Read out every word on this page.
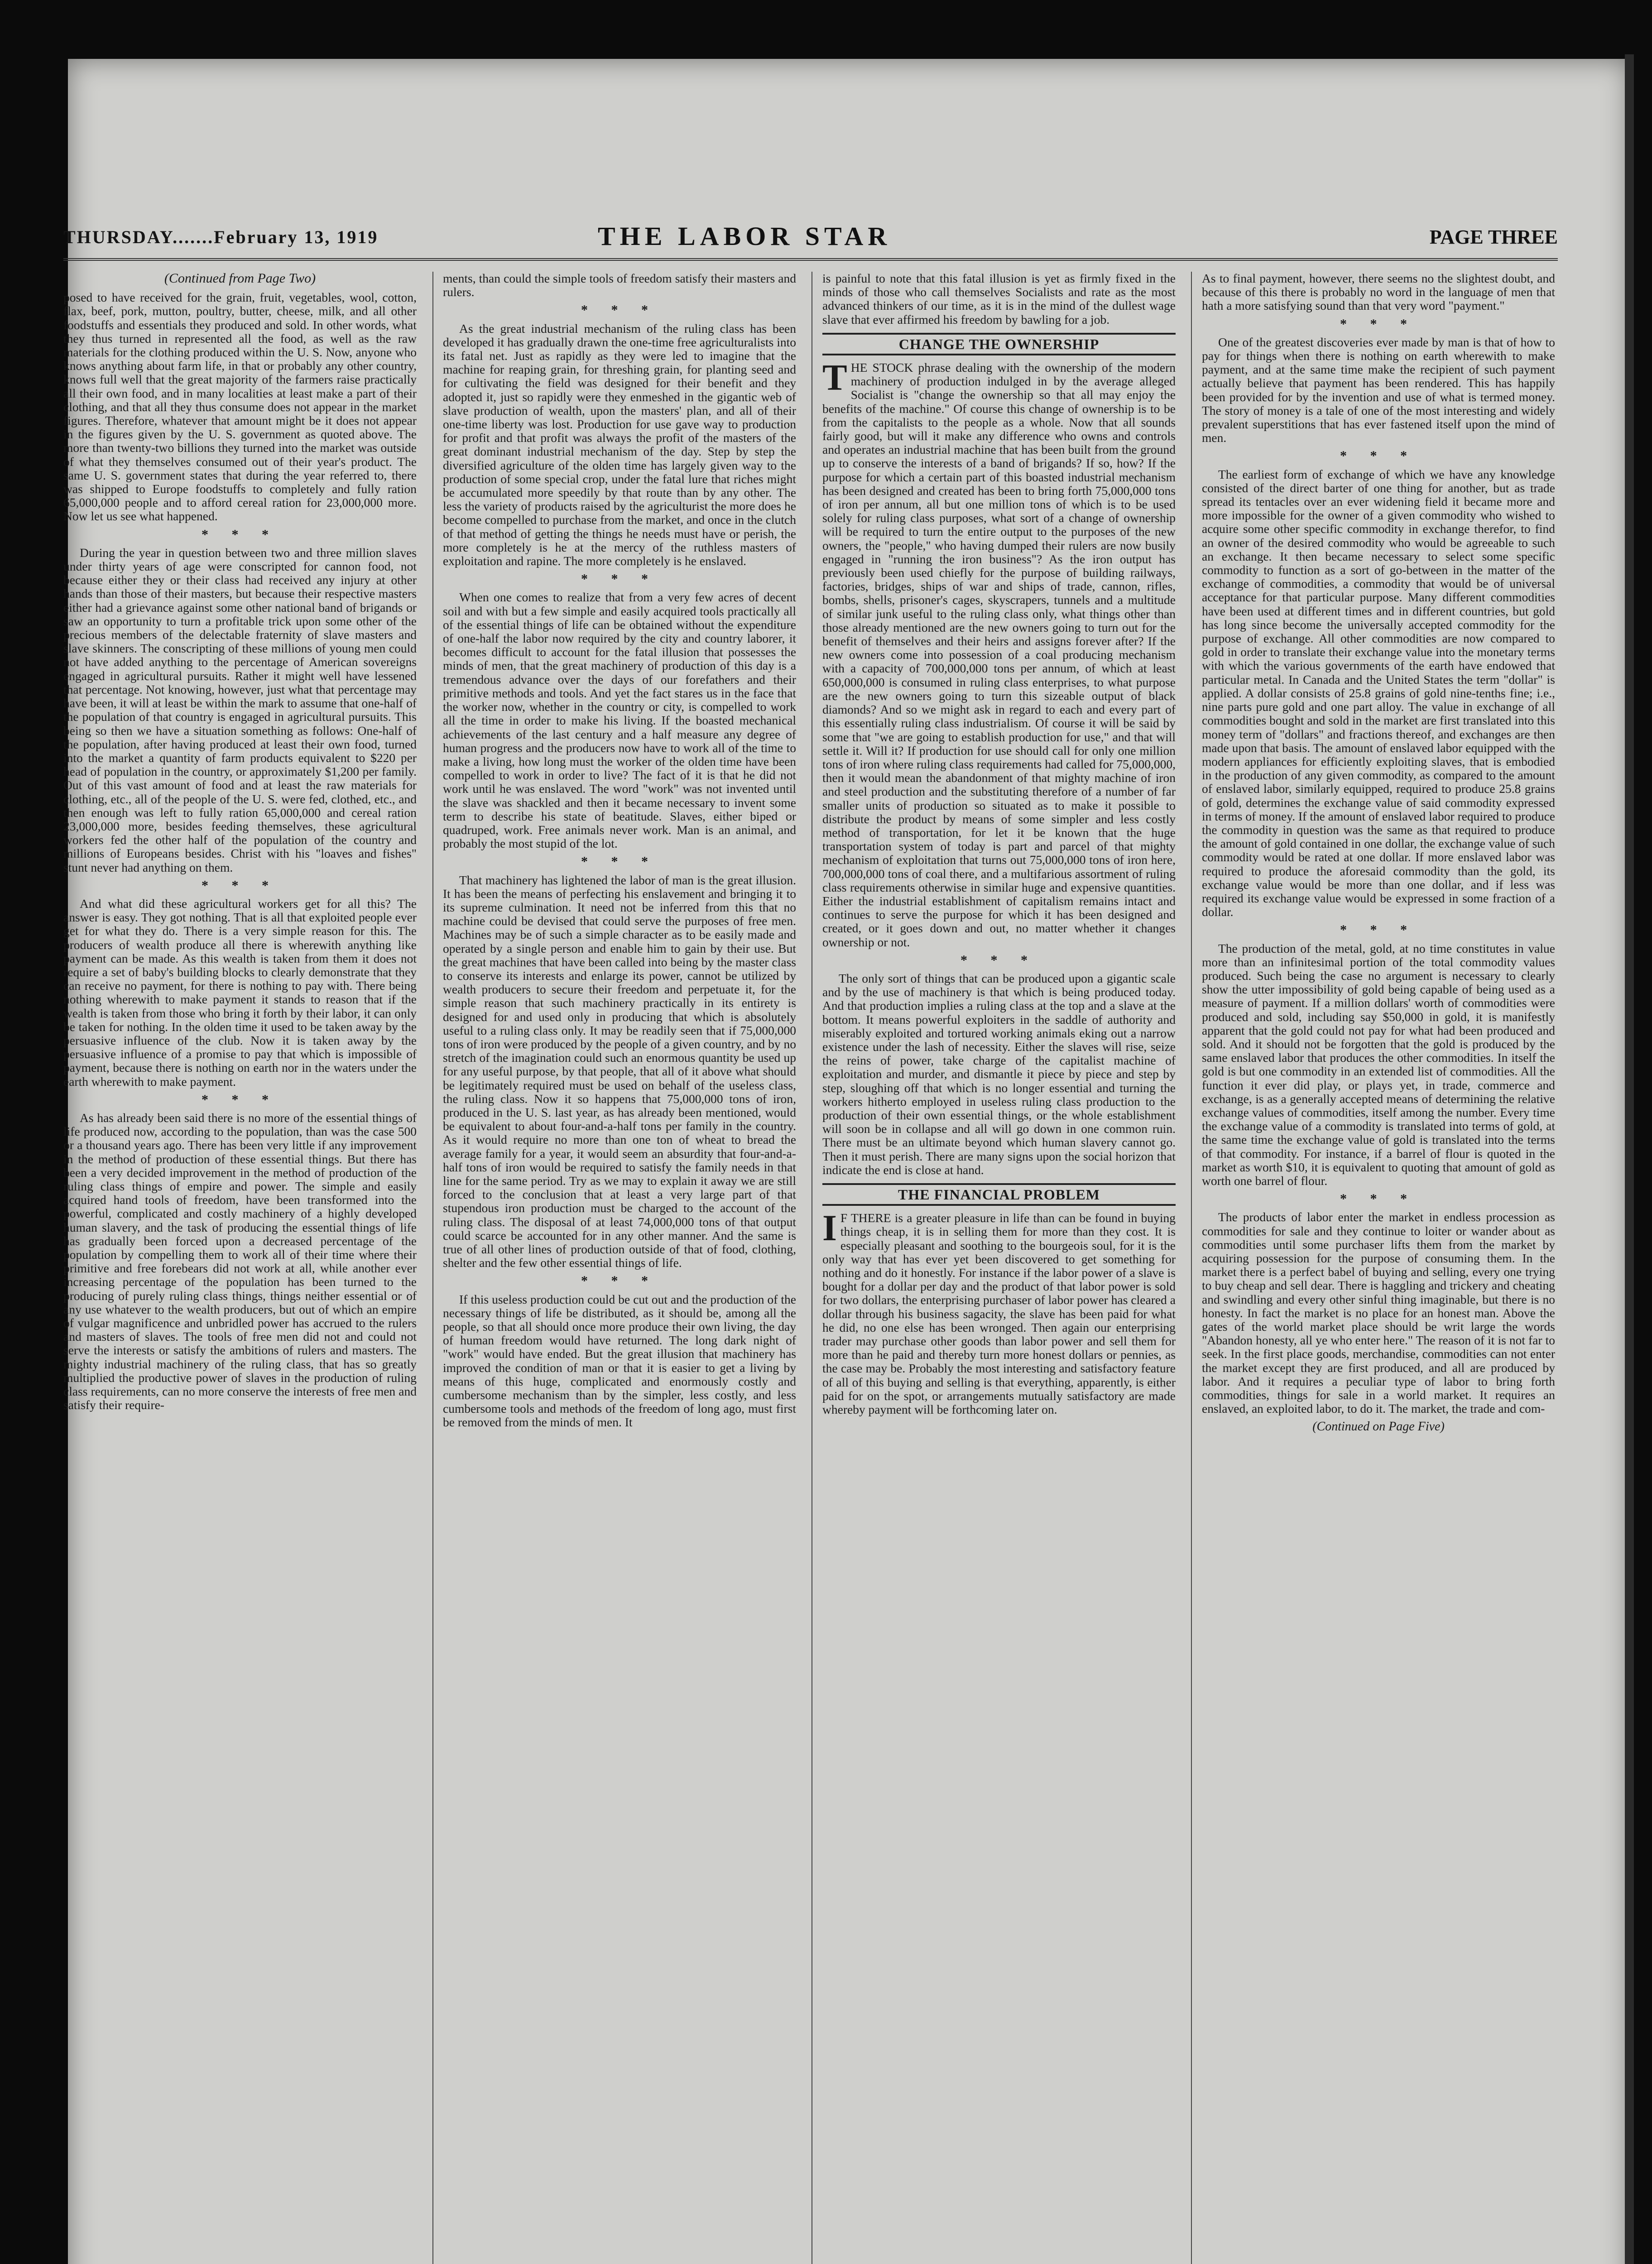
THURSDAY.......February 13, 1919	THE LABOR STAR	PAGE THREE
(Continued from Page Two)

posed to have received for the grain, fruit, vegetables, wool, cotton, flax, beef, pork, mutton, poultry, butter, cheese, milk, and all other foodstuffs and essentials they produced and sold. In other words, what they thus turned in represented all the food, as well as the raw materials for the clothing produced within the U. S. Now, anyone who knows anything about farm life, in that or probably any other country, knows full well that the great majority of the farmers raise practically all their own food, and in many localities at least make a part of their clothing, and that all they thus consume does not appear in the market figures. Therefore, whatever that amount might be it does not appear in the figures given by the U. S. government as quoted above. The more than twenty-two billions they turned into the market was outside of what they themselves consumed out of their year's product. The same U. S. government states that during the year referred to, there was shipped to Europe foodstuffs to completely and fully ration 65,000,000 people and to afford cereal ration for 23,000,000 more. Now let us see what happened.

* * *

During the year in question between two and three million slaves under thirty years of age were conscripted for cannon food, not because either they or their class had received any injury at other hands than those of their masters, but because their respective masters either had a grievance against some other national band of brigands or saw an opportunity to turn a profitable trick upon some other of the precious members of the delectable fraternity of slave masters and slave skinners. The conscripting of these millions of young men could not have added anything to the percentage of American sovereigns engaged in agricultural pursuits. Rather it might well have lessened that percentage. Not knowing, however, just what that percentage may have been, it will at least be within the mark to assume that one-half of the population of that country is engaged in agricultural pursuits. This being so then we have a situation something as follows: One-half of the population, after having produced at least their own food, turned into the market a quantity of farm products equivalent to $220 per head of population in the country, or approximately $1,200 per family. Out of this vast amount of food and at least the raw materials for clothing, etc., all of the people of the U. S. were fed, clothed, etc., and then enough was left to fully ration 65,000,000 and cereal ration 23,000,000 more, besides feeding themselves, these agricultural workers fed the other half of the population of the country and millions of Europeans besides. Christ with his "loaves and fishes" stunt never had anything on them.

* * *

And what did these agricultural workers get for all this? The answer is easy. They got nothing. That is all that exploited people ever get for what they do. There is a very simple reason for this. The producers of wealth produce all there is wherewith anything like payment can be made. As this wealth is taken from them it does not require a set of baby's building blocks to clearly demonstrate that they can receive no payment, for there is nothing to pay with. There being nothing wherewith to make payment it stands to reason that if the wealth is taken from those who bring it forth by their labor, it can only be taken for nothing. In the olden time it used to be taken away by the persuasive influence of the club. Now it is taken away by the persuasive influence of a promise to pay that which is impossible of payment, because there is nothing on earth nor in the waters under the earth wherewith to make payment.

* * *

As has already been said there is no more of the essential things of life produced now, according to the population, than was the case 500 or a thousand years ago. There has been very little if any improvement in the method of production of these essential things. But there has been a very decided improvement in the method of production of the ruling class things of empire and power. The simple and easily acquired hand tools of freedom, have been transformed into the powerful, complicated and costly machinery of a highly developed human slavery, and the task of producing the essential things of life has gradually been forced upon a decreased percentage of the population by compelling them to work all of their time where their primitive and free forebears did not work at all, while another ever increasing percentage of the population has been turned to the producing of purely ruling class things, things neither essential or of any use whatever to the wealth producers, but out of which an empire of vulgar magnificence and unbridled power has accrued to the rulers and masters of slaves. The tools of free men did not and could not serve the interests or satisfy the ambitions of rulers and masters. The mighty industrial machinery of the ruling class, that has so greatly multiplied the productive power of slaves in the production of ruling class requirements, can no more conserve the interests of free men and satisfy their require-

ments, than could the simple tools of freedom satisfy their masters and rulers.

* * *

As the great industrial mechanism of the ruling class has been developed it has gradually drawn the one-time free agriculturalists into its fatal net. Just as rapidly as they were led to imagine that the machine for reaping grain, for threshing grain, for planting seed and for cultivating the field was designed for their benefit and they adopted it, just so rapidly were they enmeshed in the gigantic web of slave production of wealth, upon the masters' plan, and all of their one-time liberty was lost. Production for use gave way to production for profit and that profit was always the profit of the masters of the great dominant industrial mechanism of the day. Step by step the diversified agriculture of the olden time has largely given way to the production of some special crop, under the fatal lure that riches might be accumulated more speedily by that route than by any other. The less the variety of products raised by the agriculturist the more does he become compelled to purchase from the market, and once in the clutch of that method of getting the things he needs must have or perish, the more completely is he at the mercy of the ruthless masters of exploitation and rapine. The more completely is he enslaved.

* * *

When one comes to realize that from a very few acres of decent soil and with but a few simple and easily acquired tools practically all of the essential things of life can be obtained without the expenditure of one-half the labor now required by the city and country laborer, it becomes difficult to account for the fatal illusion that possesses the minds of men, that the great machinery of production of this day is a tremendous advance over the days of our forefathers and their primitive methods and tools. And yet the fact stares us in the face that the worker now, whether in the country or city, is compelled to work all the time in order to make his living. If the boasted mechanical achievements of the last century and a half measure any degree of human progress and the producers now have to work all of the time to make a living, how long must the worker of the olden time have been compelled to work in order to live? The fact of it is that he did not work until he was enslaved. The word "work" was not invented until the slave was shackled and then it became necessary to invent some term to describe his state of beatitude. Slaves, either biped or quadruped, work. Free animals never work. Man is an animal, and probably the most stupid of the lot.

* * *

That machinery has lightened the labor of man is the great illusion. It has been the means of perfecting his enslavement and bringing it to its supreme culmination. It need not be inferred from this that no machine could be devised that could serve the purposes of free men. Machines may be of such a simple character as to be easily made and operated by a single person and enable him to gain by their use. But the great machines that have been called into being by the master class to conserve its interests and enlarge its power, cannot be utilized by wealth producers to secure their freedom and perpetuate it, for the simple reason that such machinery practically in its entirety is designed for and used only in producing that which is absolutely useful to a ruling class only. It may be readily seen that if 75,000,000 tons of iron were produced by the people of a given country, and by no stretch of the imagination could such an enormous quantity be used up for any useful purpose, by that people, that all of it above what should be legitimately required must be used on behalf of the useless class, the ruling class. Now it so happens that 75,000,000 tons of iron, produced in the U. S. last year, as has already been mentioned, would be equivalent to about four-and-a-half tons per family in the country. As it would require no more than one ton of wheat to bread the average family for a year, it would seem an absurdity that four-and-a-half tons of iron would be required to satisfy the family needs in that line for the same period. Try as we may to explain it away we are still forced to the conclusion that at least a very large part of that stupendous iron production must be charged to the account of the ruling class. The disposal of at least 74,000,000 tons of that output could scarce be accounted for in any other manner. And the same is true of all other lines of production outside of that of food, clothing, shelter and the few other essential things of life.

* * *

If this useless production could be cut out and the production of the necessary things of life be distributed, as it should be, among all the people, so that all should once more produce their own living, the day of human freedom would have returned. The long dark night of "work" would have ended. But the great illusion that machinery has improved the condition of man or that it is easier to get a living by means of this huge, complicated and enormously costly and cumbersome mechanism than by the simpler, less costly, and less cumbersome tools and methods of the freedom of long ago, must first be removed from the minds of men. It

is painful to note that this fatal illusion is yet as firmly fixed in the minds of those who call themselves Socialists and rate as the most advanced thinkers of our time, as it is in the mind of the dullest wage slave that ever affirmed his freedom by bawling for a job.

CHANGE THE OWNERSHIP

THE STOCK phrase dealing with the ownership of the modern machinery of production indulged in by the average alleged Socialist is "change the ownership so that all may enjoy the benefits of the machine." Of course this change of ownership is to be from the capitalists to the people as a whole. Now that all sounds fairly good, but will it make any difference who owns and controls and operates an industrial machine that has been built from the ground up to conserve the interests of a band of brigands? If so, how? If the purpose for which a certain part of this boasted industrial mechanism has been designed and created has been to bring forth 75,000,000 tons of iron per annum, all but one million tons of which is to be used solely for ruling class purposes, what sort of a change of ownership will be required to turn the entire output to the purposes of the new owners, the "people," who having dumped their rulers are now busily engaged in "running the iron business"? As the iron output has previously been used chiefly for the purpose of building railways, factories, bridges, ships of war and ships of trade, cannon, rifles, bombs, shells, prisoner's cages, skyscrapers, tunnels and a multitude of similar junk useful to the ruling class only, what things other than those already mentioned are the new owners going to turn out for the benefit of themselves and their heirs and assigns forever after? If the new owners come into possession of a coal producing mechanism with a capacity of 700,000,000 tons per annum, of which at least 650,000,000 is consumed in ruling class enterprises, to what purpose are the new owners going to turn this sizeable output of black diamonds? And so we might ask in regard to each and every part of this essentially ruling class industrialism. Of course it will be said by some that "we are going to establish production for use," and that will settle it. Will it? If production for use should call for only one million tons of iron where ruling class requirements had called for 75,000,000, then it would mean the abandonment of that mighty machine of iron and steel production and the substituting therefore of a number of far smaller units of production so situated as to make it possible to distribute the product by means of some simpler and less costly method of transportation, for let it be known that the huge transportation system of today is part and parcel of that mighty mechanism of exploitation that turns out 75,000,000 tons of iron here, 700,000,000 tons of coal there, and a multifarious assortment of ruling class requirements otherwise in similar huge and expensive quantities. Either the industrial establishment of capitalism remains intact and continues to serve the purpose for which it has been designed and created, or it goes down and out, no matter whether it changes ownership or not.

* * *

The only sort of things that can be produced upon a gigantic scale and by the use of machinery is that which is being produced today. And that production implies a ruling class at the top and a slave at the bottom. It means powerful exploiters in the saddle of authority and miserably exploited and tortured working animals eking out a narrow existence under the lash of necessity. Either the slaves will rise, seize the reins of power, take charge of the capitalist machine of exploitation and murder, and dismantle it piece by piece and step by step, sloughing off that which is no longer essential and turning the workers hitherto employed in useless ruling class production to the production of their own essential things, or the whole establishment will soon be in collapse and all will go down in one common ruin. There must be an ultimate beyond which human slavery cannot go. Then it must perish. There are many signs upon the social horizon that indicate the end is close at hand.

THE FINANCIAL PROBLEM

IF THERE is a greater pleasure in life than can be found in buying things cheap, it is in selling them for more than they cost. It is especially pleasant and soothing to the bourgeois soul, for it is the only way that has ever yet been discovered to get something for nothing and do it honestly. For instance if the labor power of a slave is bought for a dollar per day and the product of that labor power is sold for two dollars, the enterprising purchaser of labor power has cleared a dollar through his business sagacity, the slave has been paid for what he did, no one else has been wronged. Then again our enterprising trader may purchase other goods than labor power and sell them for more than he paid and thereby turn more honest dollars or pennies, as the case may be. Probably the most interesting and satisfactory feature of all of this buying and selling is that everything, apparently, is either paid for on the spot, or arrangements mutually satisfactory are made whereby payment will be forthcoming later on.

As to final payment, however, there seems no the slightest doubt, and because of this there is probably no word in the language of men that hath a more satisfying sound than that very word "payment."

* * *

One of the greatest discoveries ever made by man is that of how to pay for things when there is nothing on earth wherewith to make payment, and at the same time make the recipient of such payment actually believe that payment has been rendered. This has happily been provided for by the invention and use of what is termed money. The story of money is a tale of one of the most interesting and widely prevalent superstitions that has ever fastened itself upon the mind of men.

* * *

The earliest form of exchange of which we have any knowledge consisted of the direct barter of one thing for another, but as trade spread its tentacles over an ever widening field it became more and more impossible for the owner of a given commodity who wished to acquire some other specific commodity in exchange therefor, to find an owner of the desired commodity who would be agreeable to such an exchange. It then became necessary to select some specific commodity to function as a sort of go-between in the matter of the exchange of commodities, a commodity that would be of universal acceptance for that particular purpose. Many different commodities have been used at different times and in different countries, but gold has long since become the universally accepted commodity for the purpose of exchange. All other commodities are now compared to gold in order to translate their exchange value into the monetary terms with which the various governments of the earth have endowed that particular metal. In Canada and the United States the term "dollar" is applied. A dollar consists of 25.8 grains of gold nine-tenths fine; i.e., nine parts pure gold and one part alloy. The value in exchange of all commodities bought and sold in the market are first translated into this money term of "dollars" and fractions thereof, and exchanges are then made upon that basis. The amount of enslaved labor equipped with the modern appliances for efficiently exploiting slaves, that is embodied in the production of any given commodity, as compared to the amount of enslaved labor, similarly equipped, required to produce 25.8 grains of gold, determines the exchange value of said commodity expressed in terms of money. If the amount of enslaved labor required to produce the commodity in question was the same as that required to produce the amount of gold contained in one dollar, the exchange value of such commodity would be rated at one dollar. If more enslaved labor was required to produce the aforesaid commodity than the gold, its exchange value would be more than one dollar, and if less was required its exchange value would be expressed in some fraction of a dollar.

* * *

The production of the metal, gold, at no time constitutes in value more than an infinitesimal portion of the total commodity values produced. Such being the case no argument is necessary to clearly show the utter impossibility of gold being capable of being used as a measure of payment. If a million dollars' worth of commodities were produced and sold, including say $50,000 in gold, it is manifestly apparent that the gold could not pay for what had been produced and sold. And it should not be forgotten that the gold is produced by the same enslaved labor that produces the other commodities. In itself the gold is but one commodity in an extended list of commodities. All the function it ever did play, or plays yet, in trade, commerce and exchange, is as a generally accepted means of determining the relative exchange values of commodities, itself among the number. Every time the exchange value of a commodity is translated into terms of gold, at the same time the exchange value of gold is translated into the terms of that commodity. For instance, if a barrel of flour is quoted in the market as worth $10, it is equivalent to quoting that amount of gold as worth one barrel of flour.

* * *

The products of labor enter the market in endless procession as commodities for sale and they continue to loiter or wander about as commodities until some purchaser lifts them from the market by acquiring possession for the purpose of consuming them. In the market there is a perfect babel of buying and selling, every one trying to buy cheap and sell dear. There is haggling and trickery and cheating and swindling and every other sinful thing imaginable, but there is no honesty. In fact the market is no place for an honest man. Above the gates of the world market place should be writ large the words "Abandon honesty, all ye who enter here." The reason of it is not far to seek. In the first place goods, merchandise, commodities can not enter the market except they are first produced, and all are produced by labor. And it requires a peculiar type of labor to bring forth commodities, things for sale in a world market. It requires an enslaved, an exploited labor, to do it. The market, the trade and com-

(Continued on Page Five)
